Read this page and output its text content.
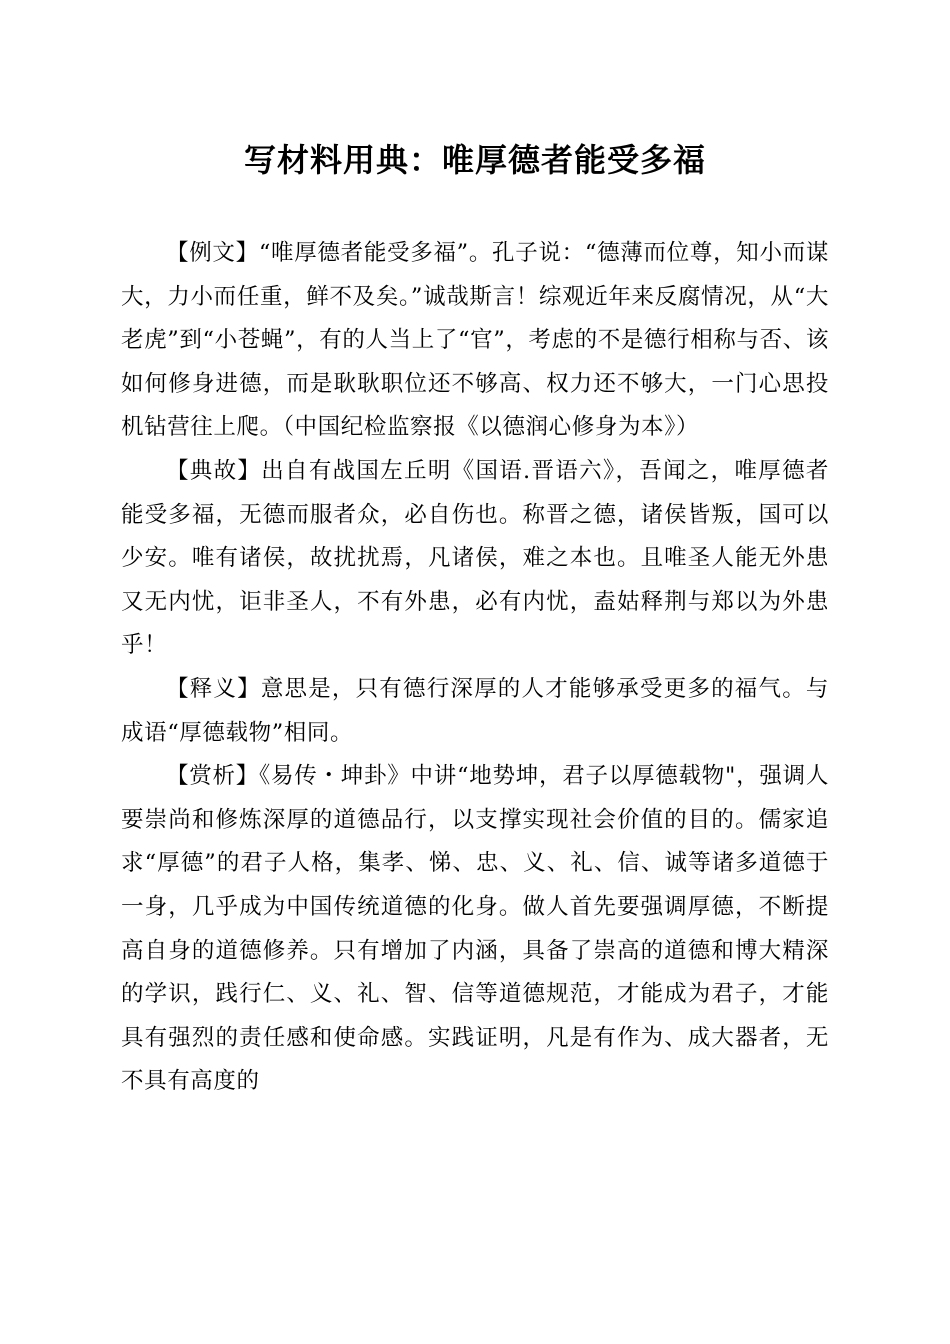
写材料用典：唯厚德者能受多福

【例文】“唯厚德者能受多福”。孔子说：“德薄而位尊，知小而谋大，力小而任重，鲜不及矣。”诚哉斯言！综观近年来反腐情况，从“大老虎”到“小苍蝇”，有的人当上了“官”，考虑的不是德行相称与否、该如何修身进德，而是耿耿职位还不够高、权力还不够大，一门心思投机钻营往上爬。（中国纪检监察报《以德润心修身为本》）

【典故】出自有战国左丘明《国语.晋语六》，吾闻之，唯厚德者能受多福，无德而服者众，必自伤也。称晋之德，诸侯皆叛，国可以少安。唯有诸侯，故扰扰焉，凡诸侯，难之本也。且唯圣人能无外患又无内忧，讵非圣人，不有外患，必有内忧，盍姑释荆与郑以为外患乎！

【释义】意思是，只有德行深厚的人才能够承受更多的福气。与成语“厚德载物”相同。

【赏析】《易传・坤卦》中讲“地势坤，君子以厚德载物"，强调人要崇尚和修炼深厚的道德品行，以支撑实现社会价值的目的。儒家追求“厚德”的君子人格，集孝、悌、忠、义、礼、信、诚等诸多道德于一身，几乎成为中国传统道德的化身。做人首先要强调厚德，不断提高自身的道德修养。只有增加了内涵，具备了崇高的道德和博大精深的学识，践行仁、义、礼、智、信等道德规范，才能成为君子，才能具有强烈的责任感和使命感。实践证明，凡是有作为、成大器者，无不具有高度的
